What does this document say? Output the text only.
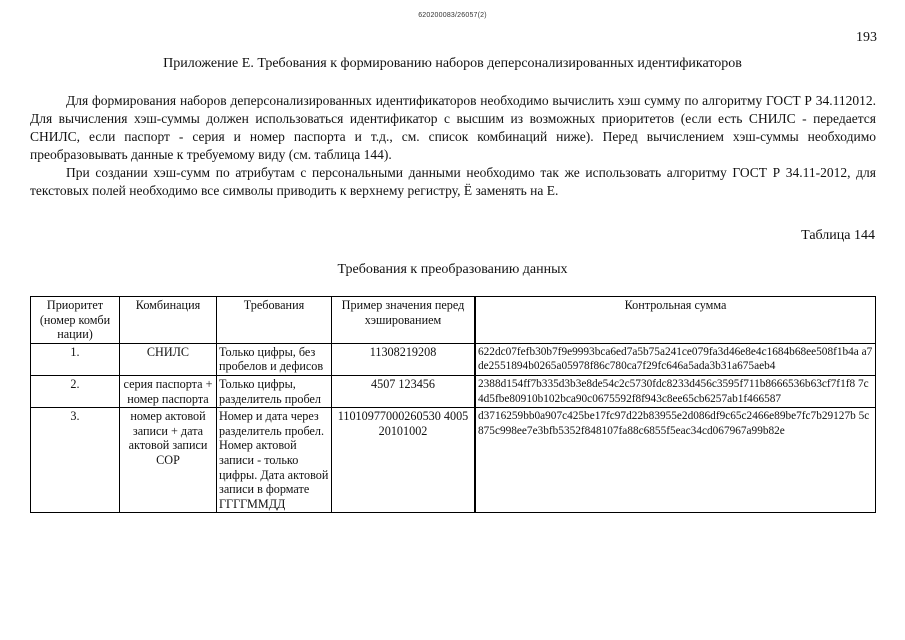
620200083/26057(2)
193
Приложение Е. Требования к формированию наборов деперсонализированных идентификаторов

Для формирования наборов деперсонализированных идентификаторов необходимо вычислить хэш сумму по алгоритму ГОСТ Р 34.112012. Для вычисления хэш-суммы должен использоваться идентификатор с высшим из возможных приоритетов (если есть СНИЛС - передается СНИЛС, если паспорт - серия и номер паспорта и т.д., см. список комбинаций ниже). Перед вычислением хэш-суммы необходимо преобразовывать данные к требуемому виду (см. таблица 144).

При создании хэш-сумм по атрибутам с персональными данными необходимо так же использовать алгоритму ГОСТ Р 34.11-2012, для текстовых полей необходимо все символы приводить к верхнему регистру, Ё заменять на Е.

Таблица 144
Требования к преобразованию данных
Приоритет (номер комби нации)	Комбинация	Требования	Пример значения перед хэшированием	Контрольная сумма
1.	СНИЛС	Только цифры, без пробелов и дефисов	11308219208	622dc07fefb30b7f9e9993bca6ed7a5b75a241ce079fa3d46e8e4c1684b68ee508f1b4a a7de2551894b0265a05978f86c780ca7f29fc646a5ada3b31a675aeb4
2.	серия паспорта + номер паспорта	Только цифры, разделитель пробел	4507 123456	2388d154ff7b335d3b3e8de54c2c5730fdc8233d456c3595f711b8666536b63cf7f1f8 7c4d5fbe80910b102bca90c0675592f8f943c8ee65cb6257ab1f466587
3.	номер актовой записи + дата актовой записи СОР	Номер и дата через разделитель пробел. Номер актовой записи - только цифры. Дата актовой записи в формате ГГГГММДД	11010977000260530 4005 20101002	d3716259bb0a907c425be17fc97d22b83955e2d086df9c65c2466e89be7fc7b29127b 5c875c998ee7e3bfb5352f848107fa88c6855f5eac34cd067967a99b82e
